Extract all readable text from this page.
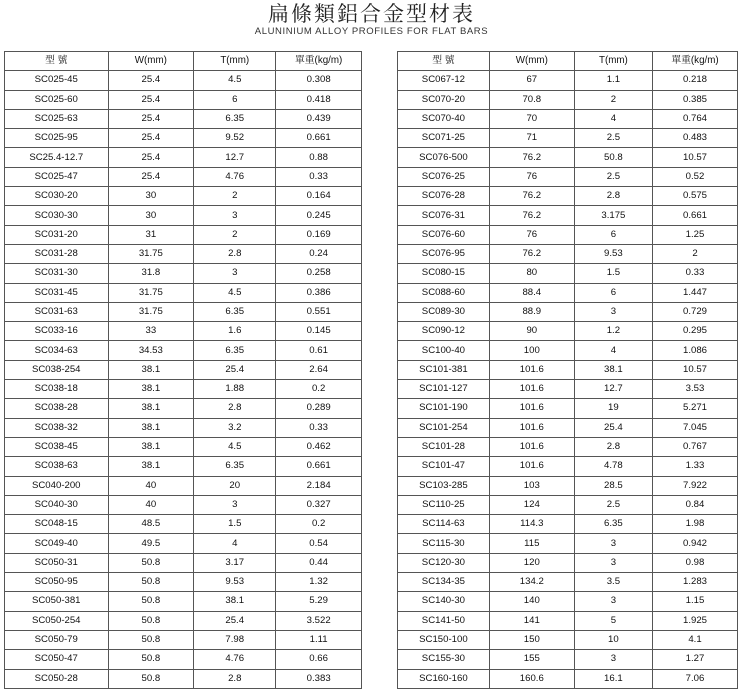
扁條類鋁合金型材表
ALUNINIUM ALLOY PROFILES FOR FLAT BARS
型 號	W(mm)	T(mm)	單重(kg/m)
SC025-45	25.4	4.5	0.308
SC025-60	25.4	6	0.418
SC025-63	25.4	6.35	0.439
SC025-95	25.4	9.52	0.661
SC25.4-12.7	25.4	12.7	0.88
SC025-47	25.4	4.76	0.33
SC030-20	30	2	0.164
SC030-30	30	3	0.245
SC031-20	31	2	0.169
SC031-28	31.75	2.8	0.24
SC031-30	31.8	3	0.258
SC031-45	31.75	4.5	0.386
SC031-63	31.75	6.35	0.551
SC033-16	33	1.6	0.145
SC034-63	34.53	6.35	0.61
SC038-254	38.1	25.4	2.64
SC038-18	38.1	1.88	0.2
SC038-28	38.1	2.8	0.289
SC038-32	38.1	3.2	0.33
SC038-45	38.1	4.5	0.462
SC038-63	38.1	6.35	0.661
SC040-200	40	20	2.184
SC040-30	40	3	0.327
SC048-15	48.5	1.5	0.2
SC049-40	49.5	4	0.54
SC050-31	50.8	3.17	0.44
SC050-95	50.8	9.53	1.32
SC050-381	50.8	38.1	5.29
SC050-254	50.8	25.4	3.522
SC050-79	50.8	7.98	1.11
SC050-47	50.8	4.76	0.66
SC050-28	50.8	2.8	0.383
型 號	W(mm)	T(mm)	單重(kg/m)
SC067-12	67	1.1	0.218
SC070-20	70.8	2	0.385
SC070-40	70	4	0.764
SC071-25	71	2.5	0.483
SC076-500	76.2	50.8	10.57
SC076-25	76	2.5	0.52
SC076-28	76.2	2.8	0.575
SC076-31	76.2	3.175	0.661
SC076-60	76	6	1.25
SC076-95	76.2	9.53	2
SC080-15	80	1.5	0.33
SC088-60	88.4	6	1.447
SC089-30	88.9	3	0.729
SC090-12	90	1.2	0.295
SC100-40	100	4	1.086
SC101-381	101.6	38.1	10.57
SC101-127	101.6	12.7	3.53
SC101-190	101.6	19	5.271
SC101-254	101.6	25.4	7.045
SC101-28	101.6	2.8	0.767
SC101-47	101.6	4.78	1.33
SC103-285	103	28.5	7.922
SC110-25	124	2.5	0.84
SC114-63	114.3	6.35	1.98
SC115-30	115	3	0.942
SC120-30	120	3	0.98
SC134-35	134.2	3.5	1.283
SC140-30	140	3	1.15
SC141-50	141	5	1.925
SC150-100	150	10	4.1
SC155-30	155	3	1.27
SC160-160	160.6	16.1	7.06
